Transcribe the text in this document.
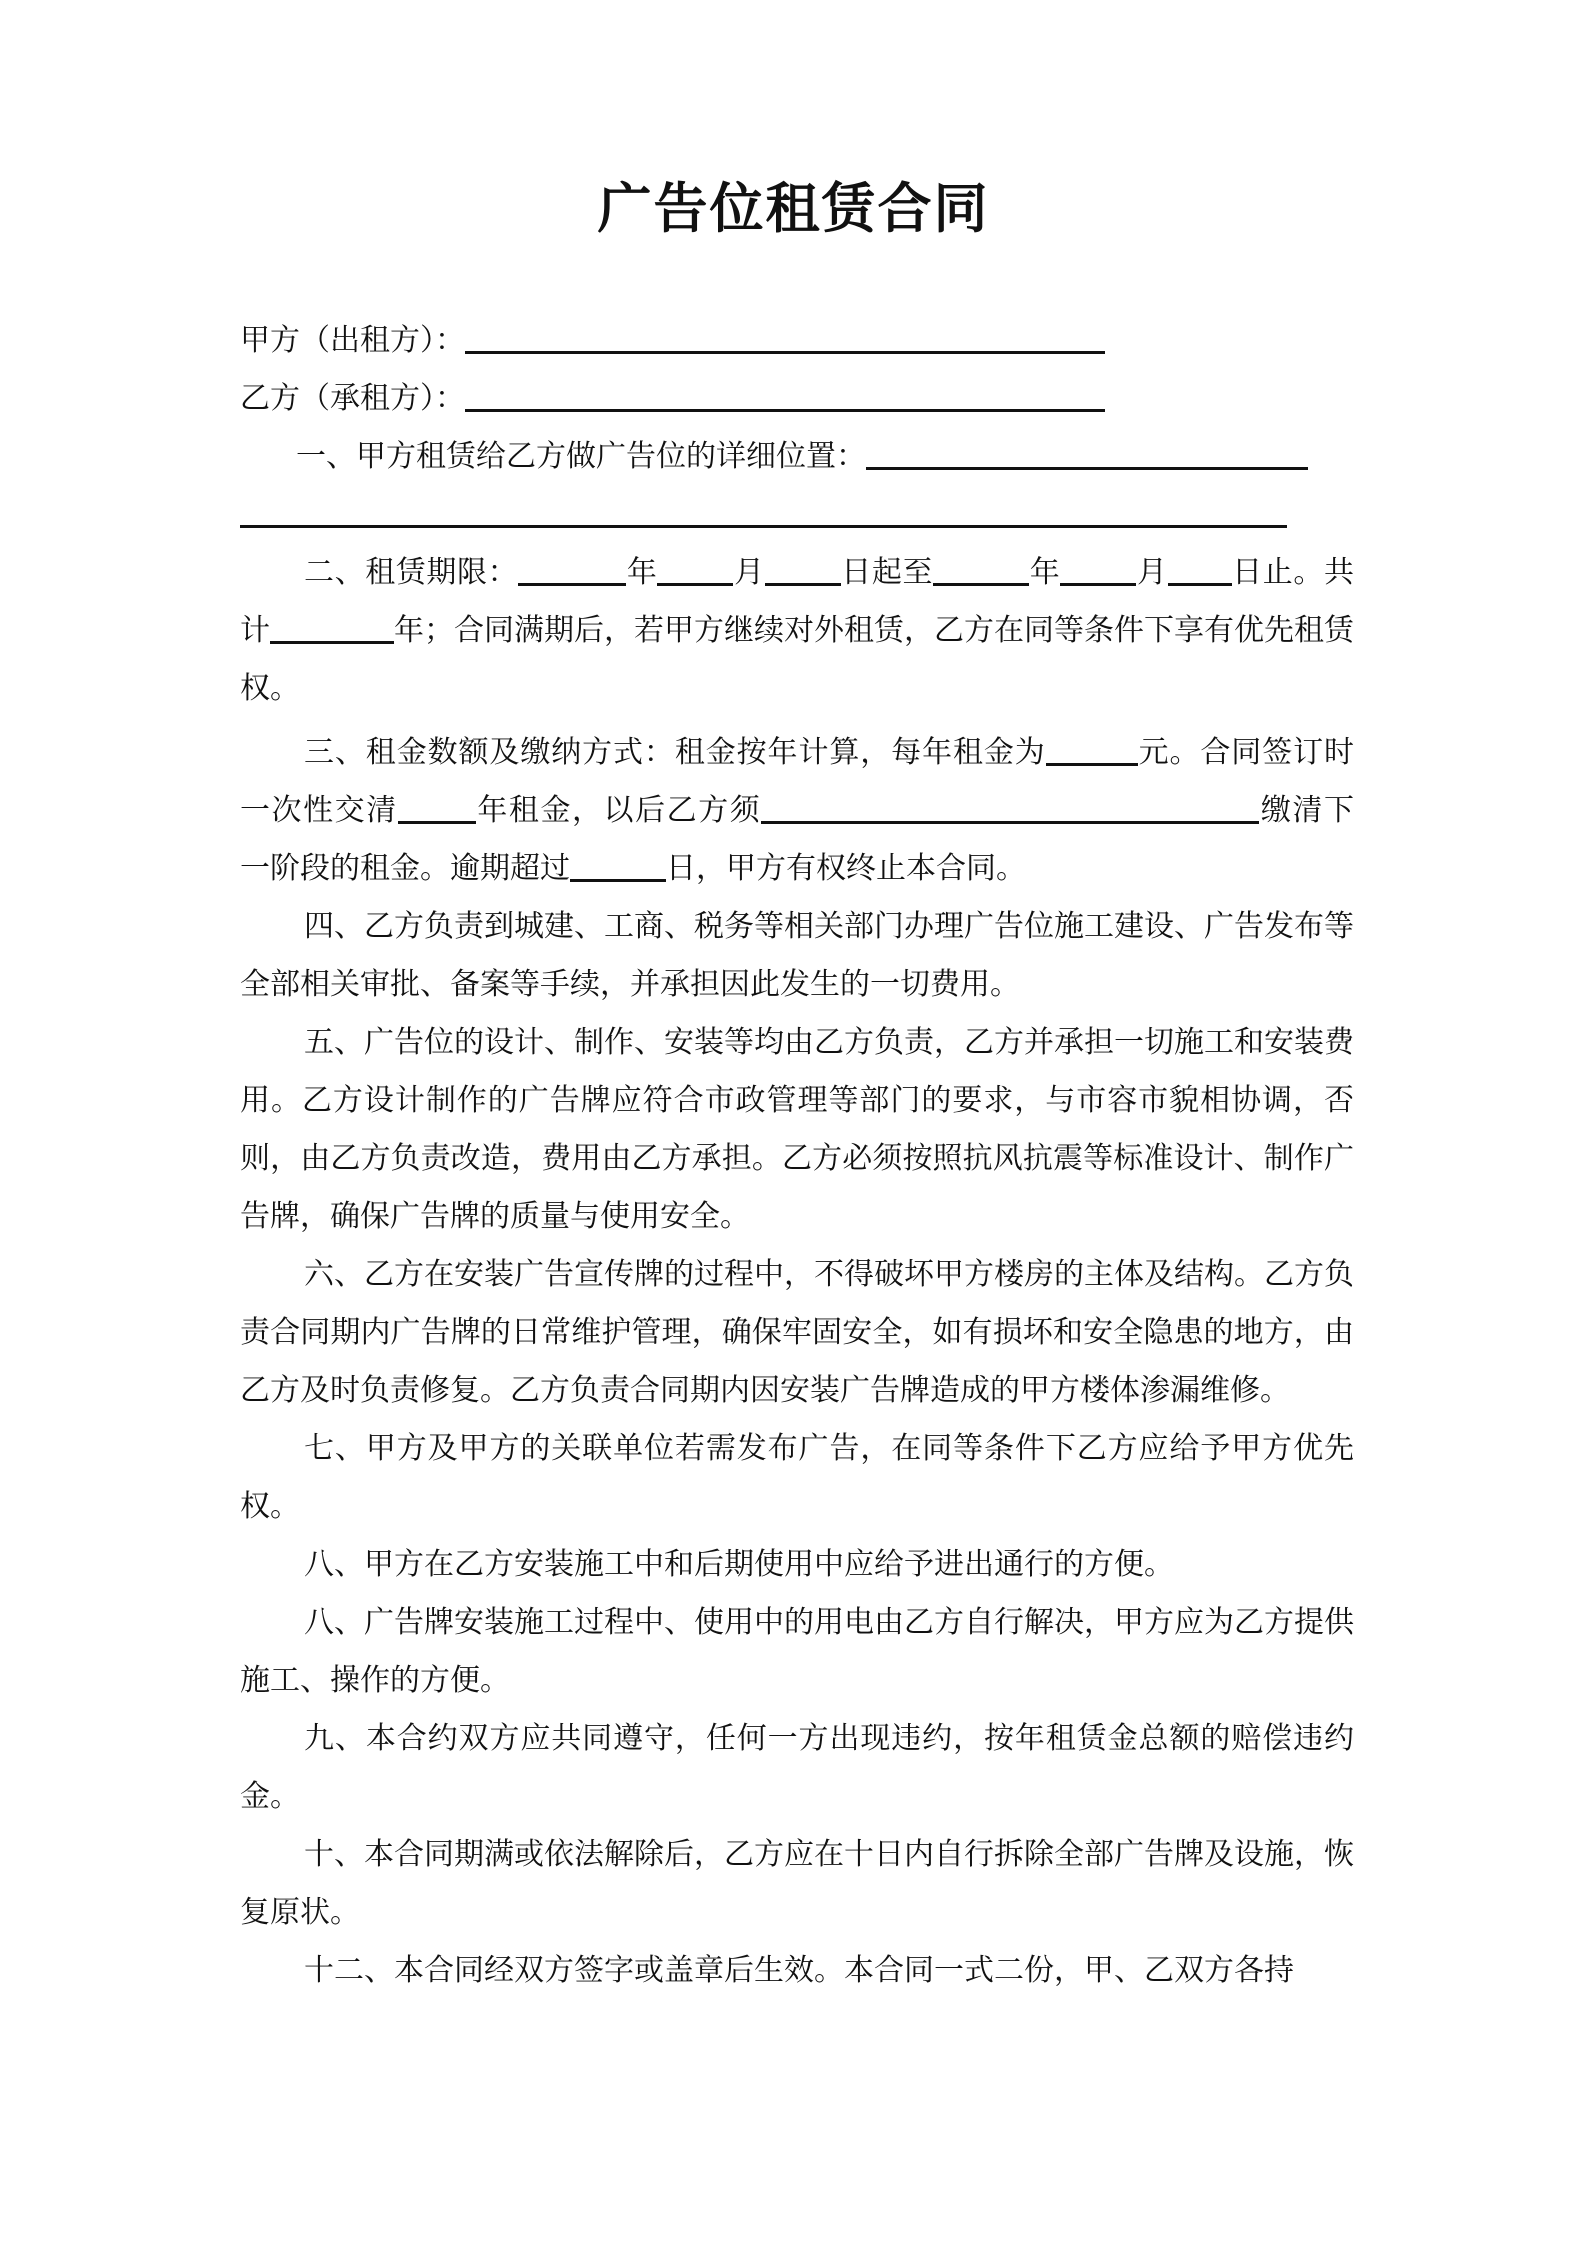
广告位租赁合同
甲方（出租方）：
乙方（承租方）：
一、甲方租赁给乙方做广告位的详细位置：
二、租赁期限：	年	月	日起至	年	月 日止。共计	年；合同满期后，若甲方继续对外租赁，乙方在同等条件下享有优先租赁权。
三、租金数额及缴纳方式：租金按年计算，每年租金为	元。合同签订时一次性交清	年租金，以后乙方须	缴清下一阶段的租金。逾期超过	日，甲方有权终止本合同。
四、乙方负责到城建、工商、税务等相关部门办理广告位施工建设、广告发布等全部相关审批、备案等手续，并承担因此发生的一切费用。
五、广告位的设计、制作、安装等均由乙方负责，乙方并承担一切施工和安装费用。乙方设计制作的广告牌应符合市政管理等部门的要求，与市容市貌相协调，否则，由乙方负责改造，费用由乙方承担。乙方必须按照抗风抗震等标准设计、制作广告牌，确保广告牌的质量与使用安全。
六、乙方在安装广告宣传牌的过程中，不得破坏甲方楼房的主体及结构。乙方负责合同期内广告牌的日常维护管理，确保牢固安全，如有损坏和安全隐患的地方，由乙方及时负责修复。乙方负责合同期内因安装广告牌造成的甲方楼体渗漏维修。
七、甲方及甲方的关联单位若需发布广告，在同等条件下乙方应给予甲方优先权。
八、甲方在乙方安装施工中和后期使用中应给予进出通行的方便。
八、广告牌安装施工过程中、使用中的用电由乙方自行解决，甲方应为乙方提供施工、操作的方便。
九、本合约双方应共同遵守，任何一方出现违约，按年租赁金总额的赔偿违约金。
十、本合同期满或依法解除后，乙方应在十日内自行拆除全部广告牌及设施，恢复原状。
十二、本合同经双方签字或盖章后生效。本合同一式二份，甲、乙双方各持
